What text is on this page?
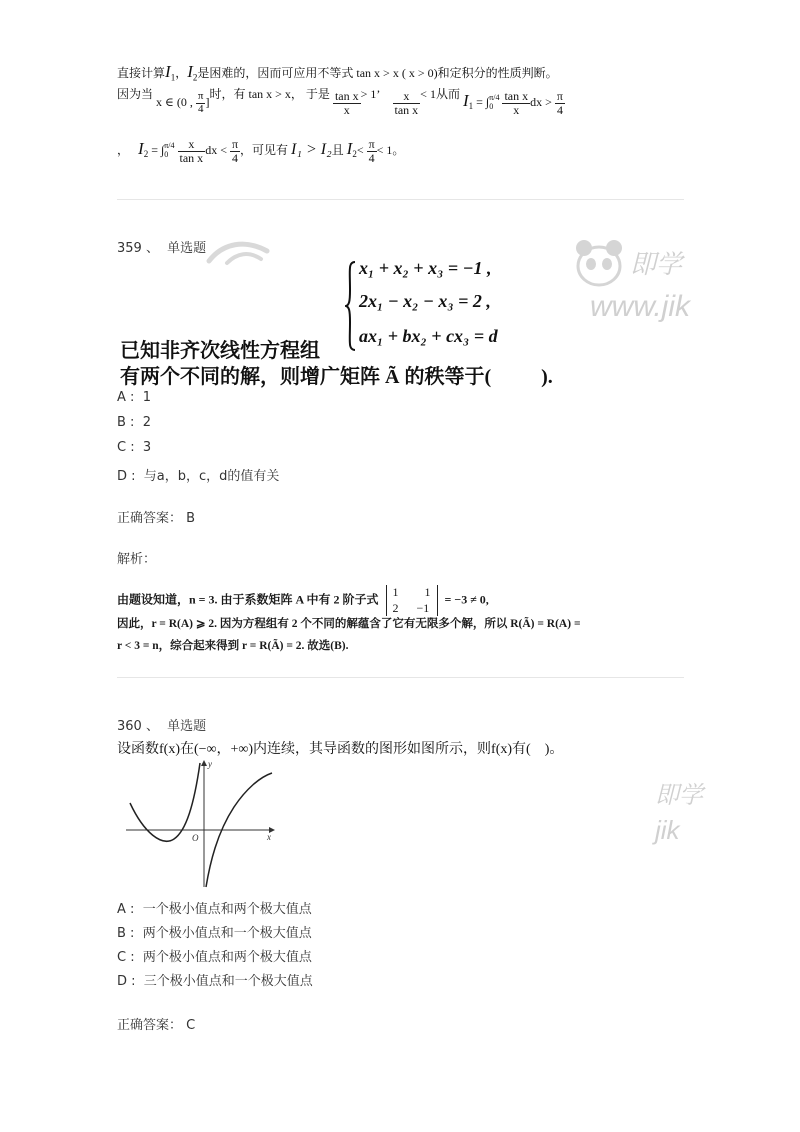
直接计算$I_1$，$I_2$是困难的，因而可应用不等式 tan x > x ( x > 0)和定积分的性质判断。
因为当 x ∈ (0 , $\frac{\pi}{4}$ ]时，有 tan x > x， 于是 $\frac{\text{tan x}}{x} > 1$’ $\frac{x}{\text{tan x}} < 1$从而 $I_1$ = ∫ π/4
0
$\frac{\text{tan x}}{x}$ dx > $\frac{\pi}{4}$
， $I_2$ = ∫ π/4
0
$\frac{x}{\text{tan x}}$ dx < $\frac{\pi}{4}$ ，可见有 I₁ > I₂且 $I_2< \frac{\pi}{4} < 1$。
359 、 单选题
x₁ + x₂ + x₃ = −1 ,
2x₁ − x₂ − x₃ = 2 ,
ax₁ + bx₂ + cx₃ = d
已知非齐次线性方程组
有两个不同的解，则增广矩阵 Ã 的秩等于(	).
即学
www.jik
A :  1
B :  2
C :  3
D :  与a，b，c，d的值有关
正确答案： B
解析：
由题设知道，n = 3. 由于系数矩阵 A 中有 2 阶子式
1 1
2 −1
= −3 ≠ 0,
因此，r = R(A) ⩾ 2. 因为方程组有 2 个不同的解蕴含了它有无限多个解，所以 R(Ã) = R(A) =
r < 3 = n，综合起来得到 r = R(Ã) = 2. 故选(B).
360 、 单选题
设函数f(x)在(−∞，+∞)内连续，其导函数的图形如图所示，则f(x)有(　)。
即学
jik
y
x
O
A :  一个极小值点和两个极大值点
B :  两个极小值点和一个极大值点
C :  两个极小值点和两个极大值点
D :  三个极小值点和一个极大值点
正确答案： C
